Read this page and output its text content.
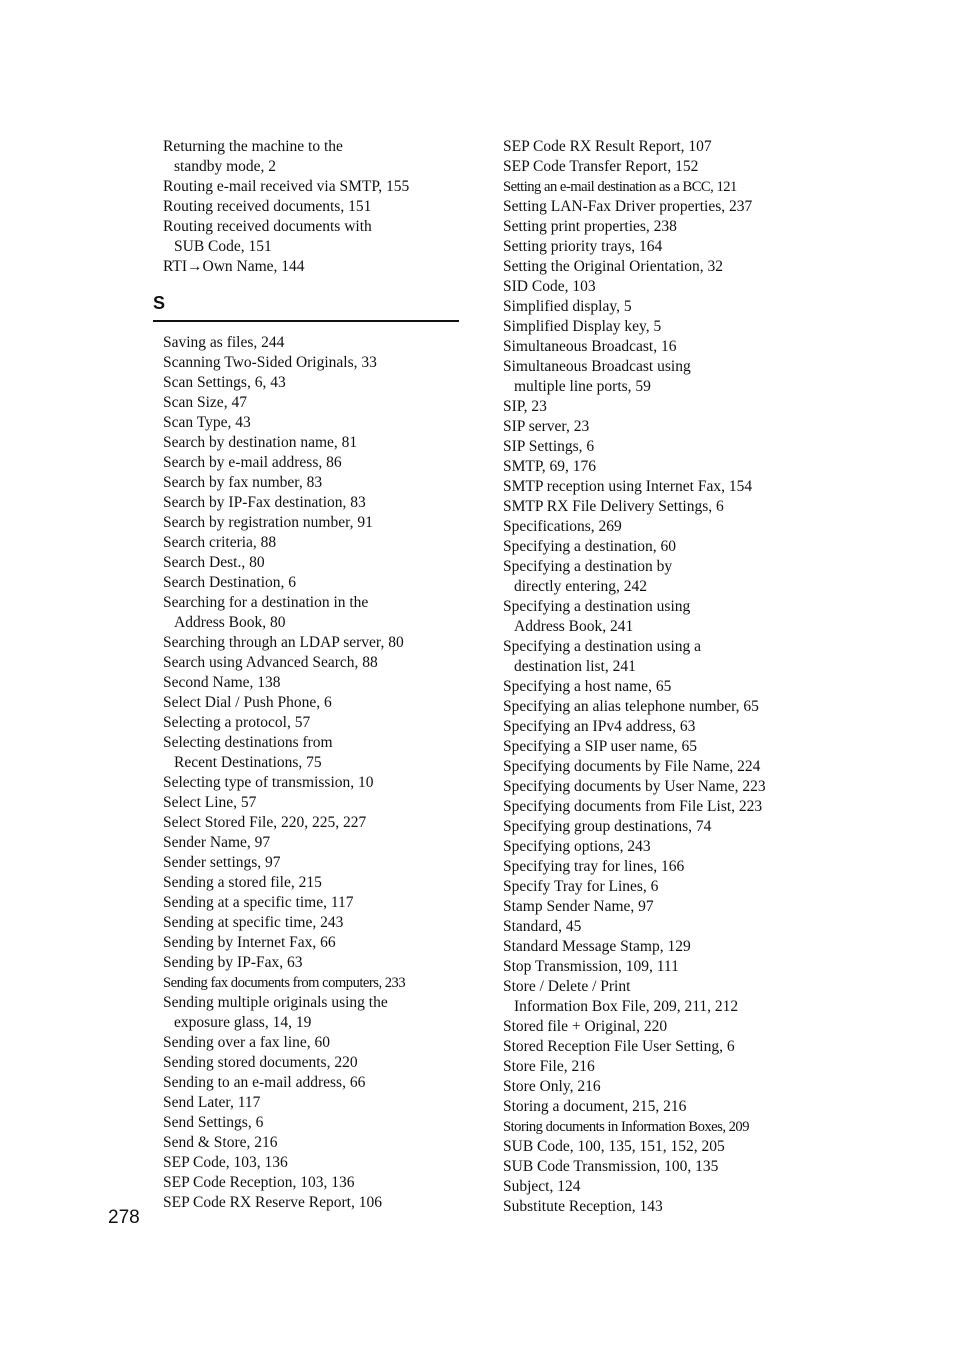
Returning the machine to the
standby mode, 2
Routing e-mail received via SMTP, 155
Routing received documents, 151
Routing received documents with
SUB Code, 151
RTI→Own Name, 144
S
Saving as files, 244
Scanning Two-Sided Originals, 33
Scan Settings, 6, 43
Scan Size, 47
Scan Type, 43
Search by destination name, 81
Search by e-mail address, 86
Search by fax number, 83
Search by IP-Fax destination, 83
Search by registration number, 91
Search criteria, 88
Search Dest., 80
Search Destination, 6
Searching for a destination in the
Address Book, 80
Searching through an LDAP server, 80
Search using Advanced Search, 88
Second Name, 138
Select Dial / Push Phone, 6
Selecting a protocol, 57
Selecting destinations from
Recent Destinations, 75
Selecting type of transmission, 10
Select Line, 57
Select Stored File, 220, 225, 227
Sender Name, 97
Sender settings, 97
Sending a stored file, 215
Sending at a specific time, 117
Sending at specific time, 243
Sending by Internet Fax, 66
Sending by IP-Fax, 63
Sending fax documents from computers, 233
Sending multiple originals using the
exposure glass, 14, 19
Sending over a fax line, 60
Sending stored documents, 220
Sending to an e-mail address, 66
Send Later, 117
Send Settings, 6
Send & Store, 216
SEP Code, 103, 136
SEP Code Reception, 103, 136
SEP Code RX Reserve Report, 106
SEP Code RX Result Report, 107
SEP Code Transfer Report, 152
Setting an e-mail destination as a BCC, 121
Setting LAN-Fax Driver properties, 237
Setting print properties, 238
Setting priority trays, 164
Setting the Original Orientation, 32
SID Code, 103
Simplified display, 5
Simplified Display key, 5
Simultaneous Broadcast, 16
Simultaneous Broadcast using
multiple line ports, 59
SIP, 23
SIP server, 23
SIP Settings, 6
SMTP, 69, 176
SMTP reception using Internet Fax, 154
SMTP RX File Delivery Settings, 6
Specifications, 269
Specifying a destination, 60
Specifying a destination by
directly entering, 242
Specifying a destination using
Address Book, 241
Specifying a destination using a
destination list, 241
Specifying a host name, 65
Specifying an alias telephone number, 65
Specifying an IPv4 address, 63
Specifying a SIP user name, 65
Specifying documents by File Name, 224
Specifying documents by User Name, 223
Specifying documents from File List, 223
Specifying group destinations, 74
Specifying options, 243
Specifying tray for lines, 166
Specify Tray for Lines, 6
Stamp Sender Name, 97
Standard, 45
Standard Message Stamp, 129
Stop Transmission, 109, 111
Store / Delete / Print
Information Box File, 209, 211, 212
Stored file + Original, 220
Stored Reception File User Setting, 6
Store File, 216
Store Only, 216
Storing a document, 215, 216
Storing documents in Information Boxes, 209
SUB Code, 100, 135, 151, 152, 205
SUB Code Transmission, 100, 135
Subject, 124
Substitute Reception, 143
278
